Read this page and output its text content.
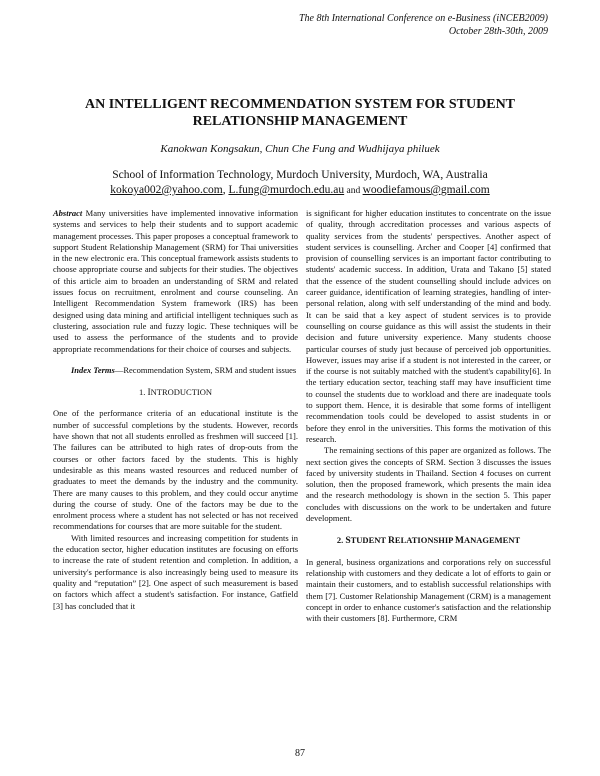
The 8th International Conference on e-Business (iNCEB2009)
October 28th-30th, 2009
AN INTELLIGENT RECOMMENDATION SYSTEM FOR STUDENT RELATIONSHIP MANAGEMENT

Kanokwan Kongsakun, Chun Che Fung and Wudhijaya philuek

School of Information Technology, Murdoch University, Murdoch, WA, Australia
kokoya002@yahoo.com, L.fung@murdoch.edu.au and woodiefamous@gmail.com

Abstract Many universities have implemented innovative information systems and services to help their students and to support academic management processes. This paper proposes a conceptual framework to support Student Relationship Management (SRM) for Thai universities in the new electronic era. This conceptual framework assists students to choose appropriate course and subjects for their studies. The objectives of this article aim to broaden an understanding of SRM and related issues focus on recruitment, enrolment and course counseling. An Intelligent Recommendation System framework (IRS) has been designed using data mining and artificial intelligent techniques such as clustering, association rule and fuzzy logic. These techniques will be used to assess the performance of the students and to provide appropriate recommendations for their choice of courses and subjects.

Index Terms—Recommendation System, SRM and student issues

1. INTRODUCTION

One of the performance criteria of an educational institute is the number of successful completions by the students. However, records have shown that not all students enrolled as freshmen will succeed [1]. The failures can be attributed to high rates of drop-outs from the courses or other factors faced by the students. This is highly undesirable as this means wasted resources and reduced number of graduates to meet the demands by the industry and the community. There are many causes to this problem, and they could occur anytime during the course of study. One of the factors may be due to the enrolment process where a student has not selected or has not received recommendations for courses that are more suitable for the student.

With limited resources and increasing competition for students in the education sector, higher education institutes are focusing on efforts to increase the rate of student retention and completion. In addition, a university's performance is also increasingly being used to measure its quality and “reputation” [2]. One aspect of such measurement is based on factors which affect a student's satisfaction. For instance, Gatfield [3] has concluded that it

is significant for higher education institutes to concentrate on the issue of quality, through accreditation processes and various aspects of quality services from the students' perspectives. Another aspect of student services is counselling. Archer and Cooper [4] confirmed that provision of counselling services is an important factor contributing to students' academic success. In addition, Urata and Takano [5] stated that the essence of the student counselling should include advices on career guidance, identification of learning strategies, handling of inter-personal relation, along with self understanding of the mind and body. It can be said that a key aspect of student services is to provide counselling on course guidance as this will assist the students in their decision and future university experience. Many students choose particular courses of study just because of perceived job opportunities. However, issues may arise if a student is not interested in the career, or if the course is not suitably matched with the student's capability[6]. In the tertiary education sector, teaching staff may have insufficient time to counsel the students due to workload and there are inadequate tools to support them. Hence, it is desirable that some forms of intelligent recommendation tools could be developed to assist students in or before they enrol in the universities. This forms the motivation of this research.

The remaining sections of this paper are organized as follows. The next section gives the concepts of SRM. Section 3 discusses the issues faced by university students in Thailand. Section 4 focuses on current solution, then the proposed framework, which presents the main idea and the research methodology is shown in the section 5. This paper concludes with discussions on the work to be undertaken and future development.

2. STUDENT RELATIONSHIP MANAGEMENT

In general, business organizations and corporations rely on successful relationship with customers and they dedicate a lot of efforts to gain or maintain their customers, and to establish successful relationships with them [7]. Customer Relationship Management (CRM) is a management concept in order to enhance customer's satisfaction and the relationship with their customers [8]. Furthermore, CRM

87
